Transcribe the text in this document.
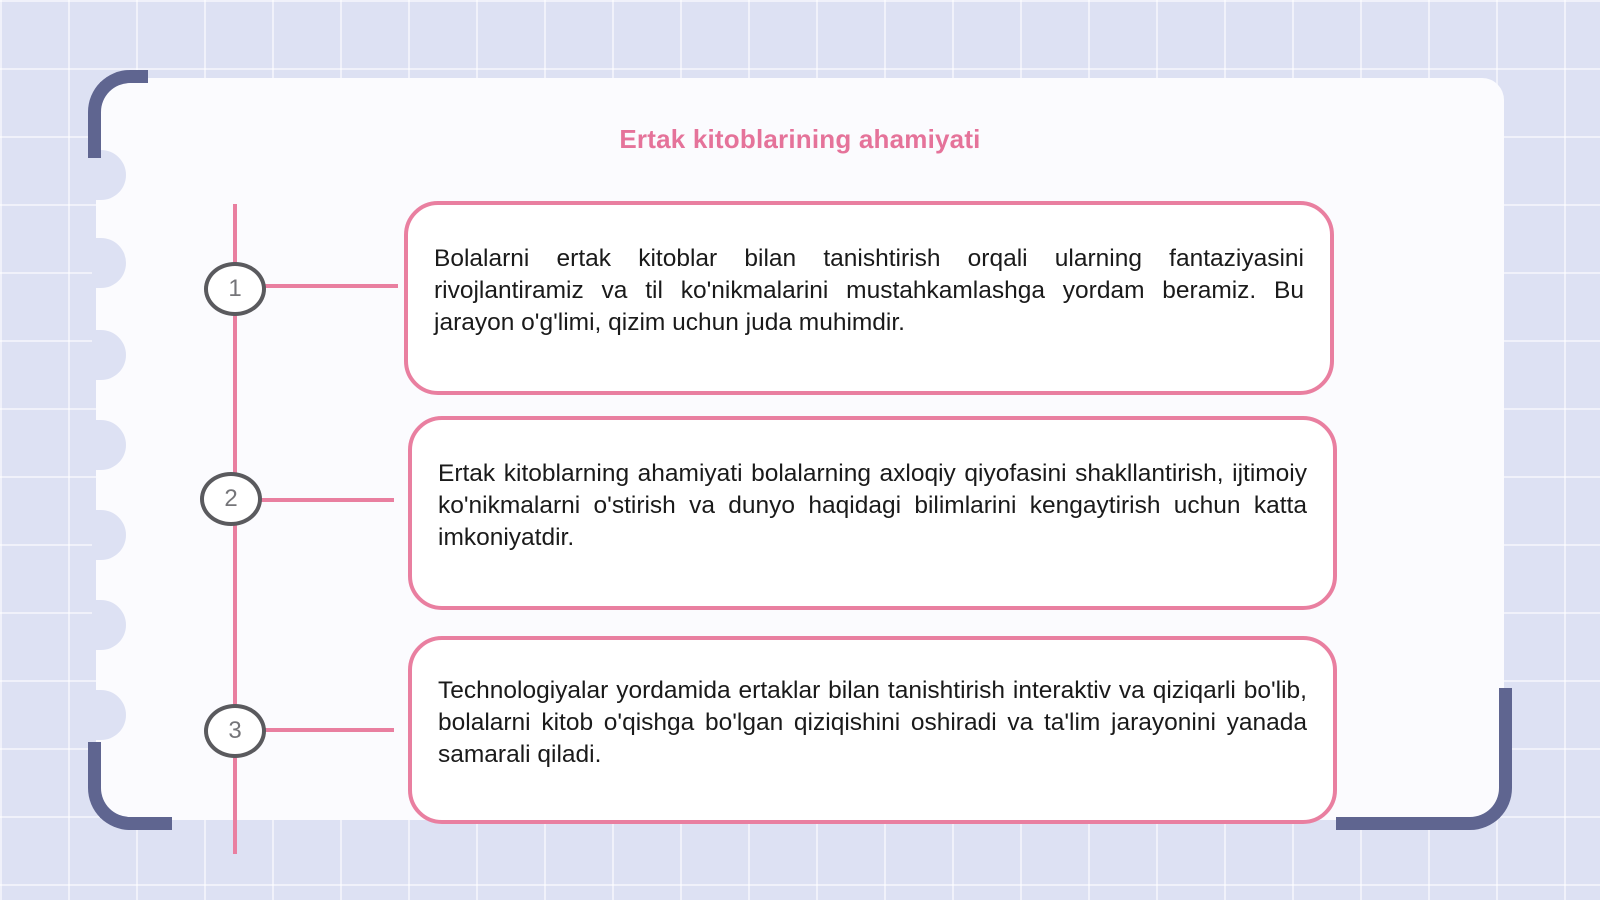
Ertak kitoblarining ahamiyati
1
Bolalarni ertak kitoblar bilan tanishtirish orqali ularning fantaziyasini rivojlantiramiz va til ko'nikmalarini mustahkamlashga yordam beramiz. Bu jarayon o'g'limi, qizim uchun juda muhimdir.
2
Ertak kitoblarning ahamiyati bolalarning axloqiy qiyofasini shakllantirish, ijtimoiy ko'nikmalarni o'stirish va dunyo haqidagi bilimlarini kengaytirish uchun katta imkoniyatdir.
3
Technologiyalar yordamida ertaklar bilan tanishtirish interaktiv va qiziqarli bo'lib, bolalarni kitob o'qishga bo'lgan qiziqishini oshiradi va ta'lim jarayonini yanada samarali qiladi.
